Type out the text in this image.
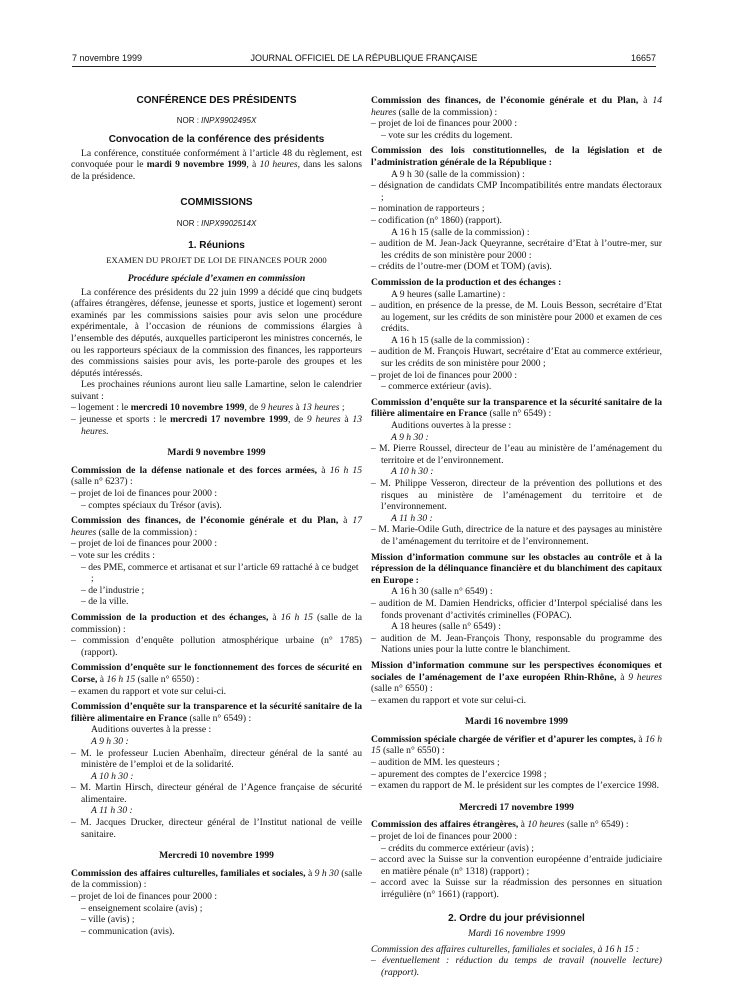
7 novembre 1999	JOURNAL OFFICIEL DE LA RÉPUBLIQUE FRANÇAISE	16657
CONFÉRENCE DES PRÉSIDENTS
NOR : INPX9902495X
Convocation de la conférence des présidents
La conférence, constituée conformément à l’article 48 du règlement, est convoquée pour le mardi 9 novembre 1999, à 10 heures, dans les salons de la présidence.
COMMISSIONS
NOR : INPX9902514X
1. Réunions
EXAMEN DU PROJET DE LOI DE FINANCES POUR 2000
Procédure spéciale d’examen en commission
La conférence des présidents du 22 juin 1999 a décidé que cinq budgets (affaires étrangères, défense, jeunesse et sports, justice et logement) seront examinés par les commissions saisies pour avis selon une procédure expérimentale, à l’occasion de réunions de commissions élargies à l’ensemble des députés, auxquelles participeront les ministres concernés, le ou les rapporteurs spéciaux de la commission des finances, les rapporteurs des commissions saisies pour avis, les porte-parole des groupes et les députés intéressés.
Les prochaines réunions auront lieu salle Lamartine, selon le calendrier suivant :
– logement : le mercredi 10 novembre 1999, de 9 heures à 13 heures ;
– jeunesse et sports : le mercredi 17 novembre 1999, de 9 heures à 13 heures.
Mardi 9 novembre 1999
Commission de la défense nationale et des forces armées, à 16 h 15 (salle n° 6237) :
– projet de loi de finances pour 2000 :
– comptes spéciaux du Trésor (avis).
Commission des finances, de l’économie générale et du Plan, à 17 heures (salle de la commission) :
– projet de loi de finances pour 2000 :
– vote sur les crédits :
– des PME, commerce et artisanat et sur l’article 69 rattaché à ce budget ;
– de l’industrie ;
– de la ville.
Commission de la production et des échanges, à 16 h 15 (salle de la commission) :
– commission d’enquête pollution atmosphérique urbaine (n° 1785) (rapport).
Commission d’enquête sur le fonctionnement des forces de sécurité en Corse, à 16 h 15 (salle n° 6550) :
– examen du rapport et vote sur celui-ci.
Commission d’enquête sur la transparence et la sécurité sanitaire de la filière alimentaire en France (salle n° 6549) :
Auditions ouvertes à la presse :
A 9 h 30 :
– M. le professeur Lucien Abenhaïm, directeur général de la santé au ministère de l’emploi et de la solidarité.
A 10 h 30 :
– M. Martin Hirsch, directeur général de l’Agence française de sécurité alimentaire.
A 11 h 30 :
– M. Jacques Drucker, directeur général de l’Institut national de veille sanitaire.
Mercredi 10 novembre 1999
Commission des affaires culturelles, familiales et sociales, à 9 h 30 (salle de la commission) :
– projet de loi de finances pour 2000 :
– enseignement scolaire (avis) ;
– ville (avis) ;
– communication (avis).
Commission des finances, de l’économie générale et du Plan, à 14 heures (salle de la commission) :
– projet de loi de finances pour 2000 :
– vote sur les crédits du logement.
Commission des lois constitutionnelles, de la législation et de l’administration générale de la République :
A 9 h 30 (salle de la commission) :
– désignation de candidats CMP Incompatibilités entre mandats électoraux ;
– nomination de rapporteurs ;
– codification (n° 1860) (rapport).
A 16 h 15 (salle de la commission) :
– audition de M. Jean-Jack Queyranne, secrétaire d’Etat à l’outre-mer, sur les crédits de son ministère pour 2000 :
– crédits de l’outre-mer (DOM et TOM) (avis).
Commission de la production et des échanges :
A 9 heures (salle Lamartine) :
– audition, en présence de la presse, de M. Louis Besson, secrétaire d’Etat au logement, sur les crédits de son ministère pour 2000 et examen de ces crédits.
A 16 h 15 (salle de la commission) :
– audition de M. François Huwart, secrétaire d’Etat au commerce extérieur, sur les crédits de son ministère pour 2000 ;
– projet de loi de finances pour 2000 :
– commerce extérieur (avis).
Commission d’enquête sur la transparence et la sécurité sanitaire de la filière alimentaire en France (salle n° 6549) :
Auditions ouvertes à la presse :
A 9 h 30 :
– M. Pierre Roussel, directeur de l’eau au ministère de l’aménagement du territoire et de l’environnement.
A 10 h 30 :
– M. Philippe Vesseron, directeur de la prévention des pollutions et des risques au ministère de l’aménagement du territoire et de l’environnement.
A 11 h 30 :
– M. Marie-Odile Guth, directrice de la nature et des paysages au ministère de l’aménagement du territoire et de l’environnement.
Mission d’information commune sur les obstacles au contrôle et à la répression de la délinquance financière et du blanchiment des capitaux en Europe :
A 16 h 30 (salle n° 6549) :
– audition de M. Damien Hendricks, officier d’Interpol spécialisé dans les fonds provenant d’activités criminelles (FOPAC).
A 18 heures (salle n° 6549) :
– audition de M. Jean-François Thony, responsable du programme des Nations unies pour la lutte contre le blanchiment.
Mission d’information commune sur les perspectives économiques et sociales de l’aménagement de l’axe européen Rhin-Rhône, à 9 heures (salle n° 6550) :
– examen du rapport et vote sur celui-ci.
Mardi 16 novembre 1999
Commission spéciale chargée de vérifier et d’apurer les comptes, à 16 h 15 (salle n° 6550) :
– audition de MM. les questeurs ;
– apurement des comptes de l’exercice 1998 ;
– examen du rapport de M. le président sur les comptes de l’exercice 1998.
Mercredi 17 novembre 1999
Commission des affaires étrangères, à 10 heures (salle n° 6549) :
– projet de loi de finances pour 2000 :
– crédits du commerce extérieur (avis) ;
– accord avec la Suisse sur la convention européenne d’entraide judiciaire en matière pénale (n° 1318) (rapport) ;
– accord avec la Suisse sur la réadmission des personnes en situation irrégulière (n° 1661) (rapport).
2. Ordre du jour prévisionnel
Mardi 16 novembre 1999
Commission des affaires culturelles, familiales et sociales, à 16 h 15 :
– éventuellement : réduction du temps de travail (nouvelle lecture) (rapport).
